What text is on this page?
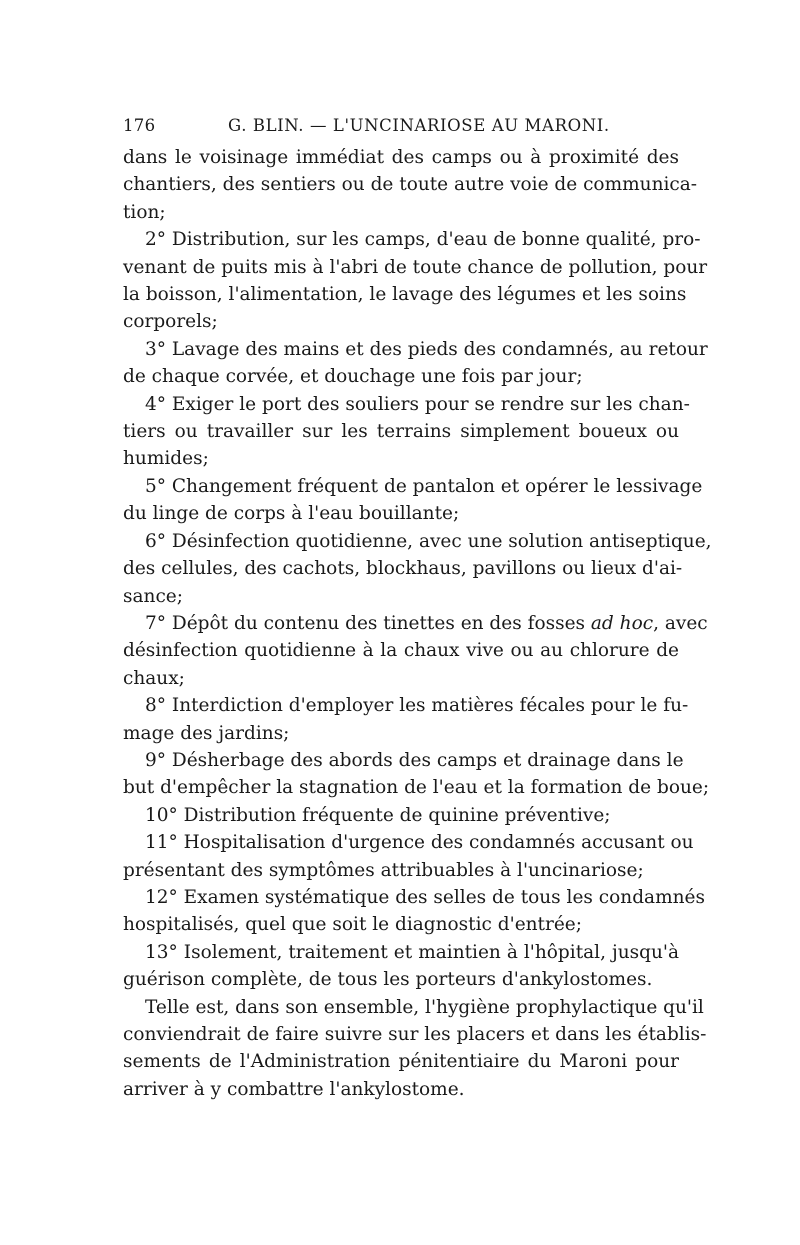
176	G. BLIN. — L'UNCINARIOSE AU MARONI.
dans le voisinage immédiat des camps ou à proximité des
chantiers, des sentiers ou de toute autre voie de communica-
tion;
2° Distribution, sur les camps, d'eau de bonne qualité, pro-
venant de puits mis à l'abri de toute chance de pollution, pour
la boisson, l'alimentation, le lavage des légumes et les soins
corporels;
3° Lavage des mains et des pieds des condamnés, au retour
de chaque corvée, et douchage une fois par jour;
4° Exiger le port des souliers pour se rendre sur les chan-
tiers ou travailler sur les terrains simplement boueux ou
humides;
5° Changement fréquent de pantalon et opérer le lessivage
du linge de corps à l'eau bouillante;
6° Désinfection quotidienne, avec une solution antiseptique,
des cellules, des cachots, blockhaus, pavillons ou lieux d'ai-
sance;
7° Dépôt du contenu des tinettes en des fosses ad hoc, avec
désinfection quotidienne à la chaux vive ou au chlorure de
chaux;
8° Interdiction d'employer les matières fécales pour le fu-
mage des jardins;
9° Désherbage des abords des camps et drainage dans le
but d'empêcher la stagnation de l'eau et la formation de boue;
10° Distribution fréquente de quinine préventive;
11° Hospitalisation d'urgence des condamnés accusant ou
présentant des symptômes attribuables à l'uncinariose;
12° Examen systématique des selles de tous les condamnés
hospitalisés, quel que soit le diagnostic d'entrée;
13° Isolement, traitement et maintien à l'hôpital, jusqu'à
guérison complète, de tous les porteurs d'ankylostomes.
Telle est, dans son ensemble, l'hygiène prophylactique qu'il
conviendrait de faire suivre sur les placers et dans les établis-
sements de l'Administration pénitentiaire du Maroni pour
arriver à y combattre l'ankylostome.
